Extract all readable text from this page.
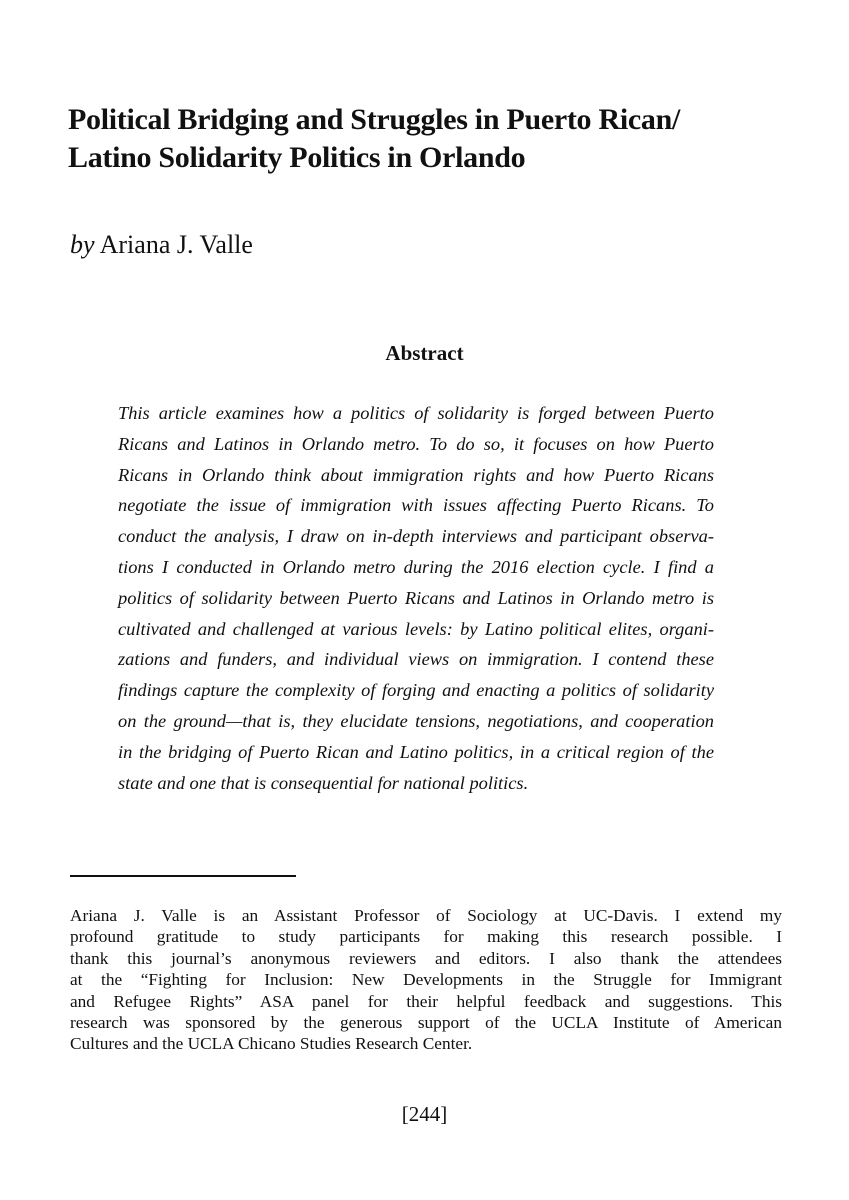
Political Bridging and Struggles in Puerto Rican/
Latino Solidarity Politics in Orlando

by Ariana J. Valle

Abstract
This article examines how a politics of solidarity is forged between Puerto
Ricans and Latinos in Orlando metro. To do so, it focuses on how Puerto
Ricans in Orlando think about immigration rights and how Puerto Ricans
negotiate the issue of immigration with issues affecting Puerto Ricans. To
conduct the analysis, I draw on in-depth interviews and participant observa-
tions I conducted in Orlando metro during the 2016 election cycle. I find a
politics of solidarity between Puerto Ricans and Latinos in Orlando metro is
cultivated and challenged at various levels: by Latino political elites, organi-
zations and funders, and individual views on immigration. I contend these
findings capture the complexity of forging and enacting a politics of solidarity
on the ground—that is, they elucidate tensions, negotiations, and cooperation
in the bridging of Puerto Rican and Latino politics, in a critical region of the
state and one that is consequential for national politics.
Ariana J. Valle is an Assistant Professor of Sociology at UC-Davis. I extend my
profound gratitude to study participants for making this research possible. I
thank this journal’s anonymous reviewers and editors. I also thank the attendees
at the “Fighting for Inclusion: New Developments in the Struggle for Immigrant
and Refugee Rights” ASA panel for their helpful feedback and suggestions. This
research was sponsored by the generous support of the UCLA Institute of American
Cultures and the UCLA Chicano Studies Research Center.

[244]
